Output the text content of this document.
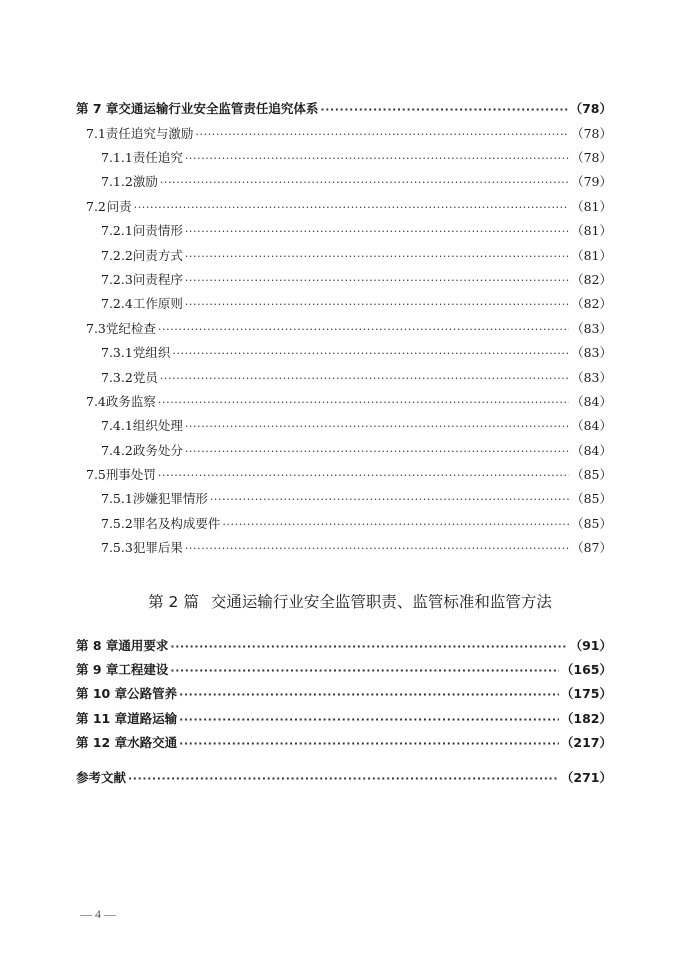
第 7 章 交通运输行业安全监管责任追究体系 ·····	（78）
7.1 责任追究与激励 ·····	（78）
7.1.1 责任追究 ·····	（78）
7.1.2 激励 ·····	（79）
7.2 问责 ·····	（81）
7.2.1 问责情形 ·····	（81）
7.2.2 问责方式 ·····	（81）
7.2.3 问责程序 ·····	（82）
7.2.4 工作原则 ·····	（82）
7.3 党纪检查 ·····	（83）
7.3.1 党组织 ·····	（83）
7.3.2 党员 ·····	（83）
7.4 政务监察 ·····	（84）
7.4.1 组织处理 ·····	（84）
7.4.2 政务处分 ·····	（84）
7.5 刑事处罚 ·····	（85）
7.5.1 涉嫌犯罪情形 ·····	（85）
7.5.2 罪名及构成要件 ·····	（85）
7.5.3 犯罪后果 ·····	（87）
第 2 篇 交通运输行业安全监管职责、监管标准和监管方法
第 8 章 通用要求 ·····	（91）
第 9 章 工程建设 ·····	（165）
第 10 章 公路管养 ·····	（175）
第 11 章 道路运输 ·····	（182）
第 12 章 水路交通 ·····	（217）
参考文献 ·····	（271）
— 4 —
